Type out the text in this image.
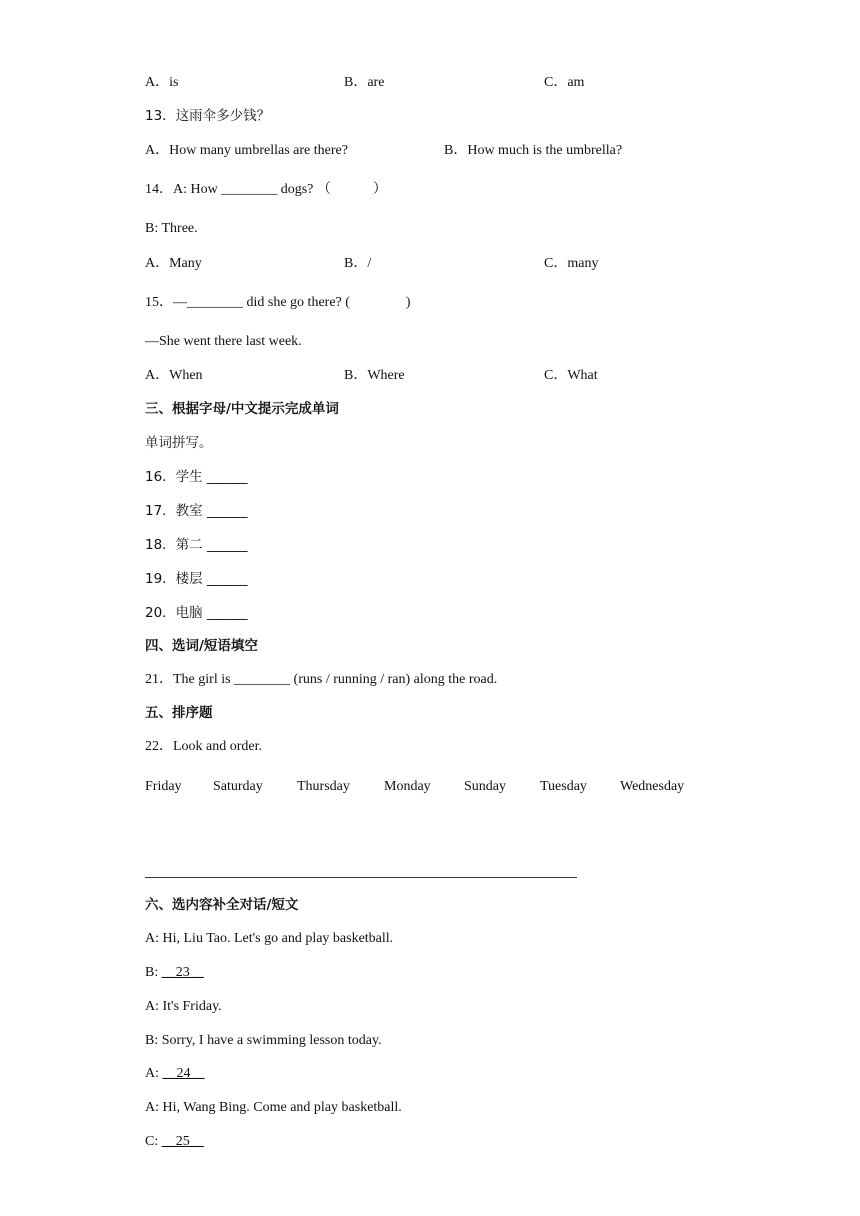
A．is	B．are	C．am
13．这雨伞多少钱？
A．How many umbrellas are there?	B．How much is the umbrella?
14．A: How ________ dogs? （　　　）
B: Three.
A．Many	B．/	C．many
15．—________ did she go there? (　　　　)
—She went there last week.
A．When	B．Where	C．What
三、根据字母/中文提示完成单词
单词拼写。
16．学生 ______
17．教室 ______
18．第二 ______
19．楼层 ______
20．电脑 ______
四、选词/短语填空
21．The girl is ________ (runs / running / ran) along the road.
五、排序题
22．Look and order.
Friday Saturday Thursday Monday Sunday Tuesday Wednesday
六、选内容补全对话/短文
A: Hi, Liu Tao. Let's go and play basketball.
B: __23__
A: It's Friday.
B: Sorry, I have a swimming lesson today.
A: __24__
A: Hi, Wang Bing. Come and play basketball.
C: __25__
